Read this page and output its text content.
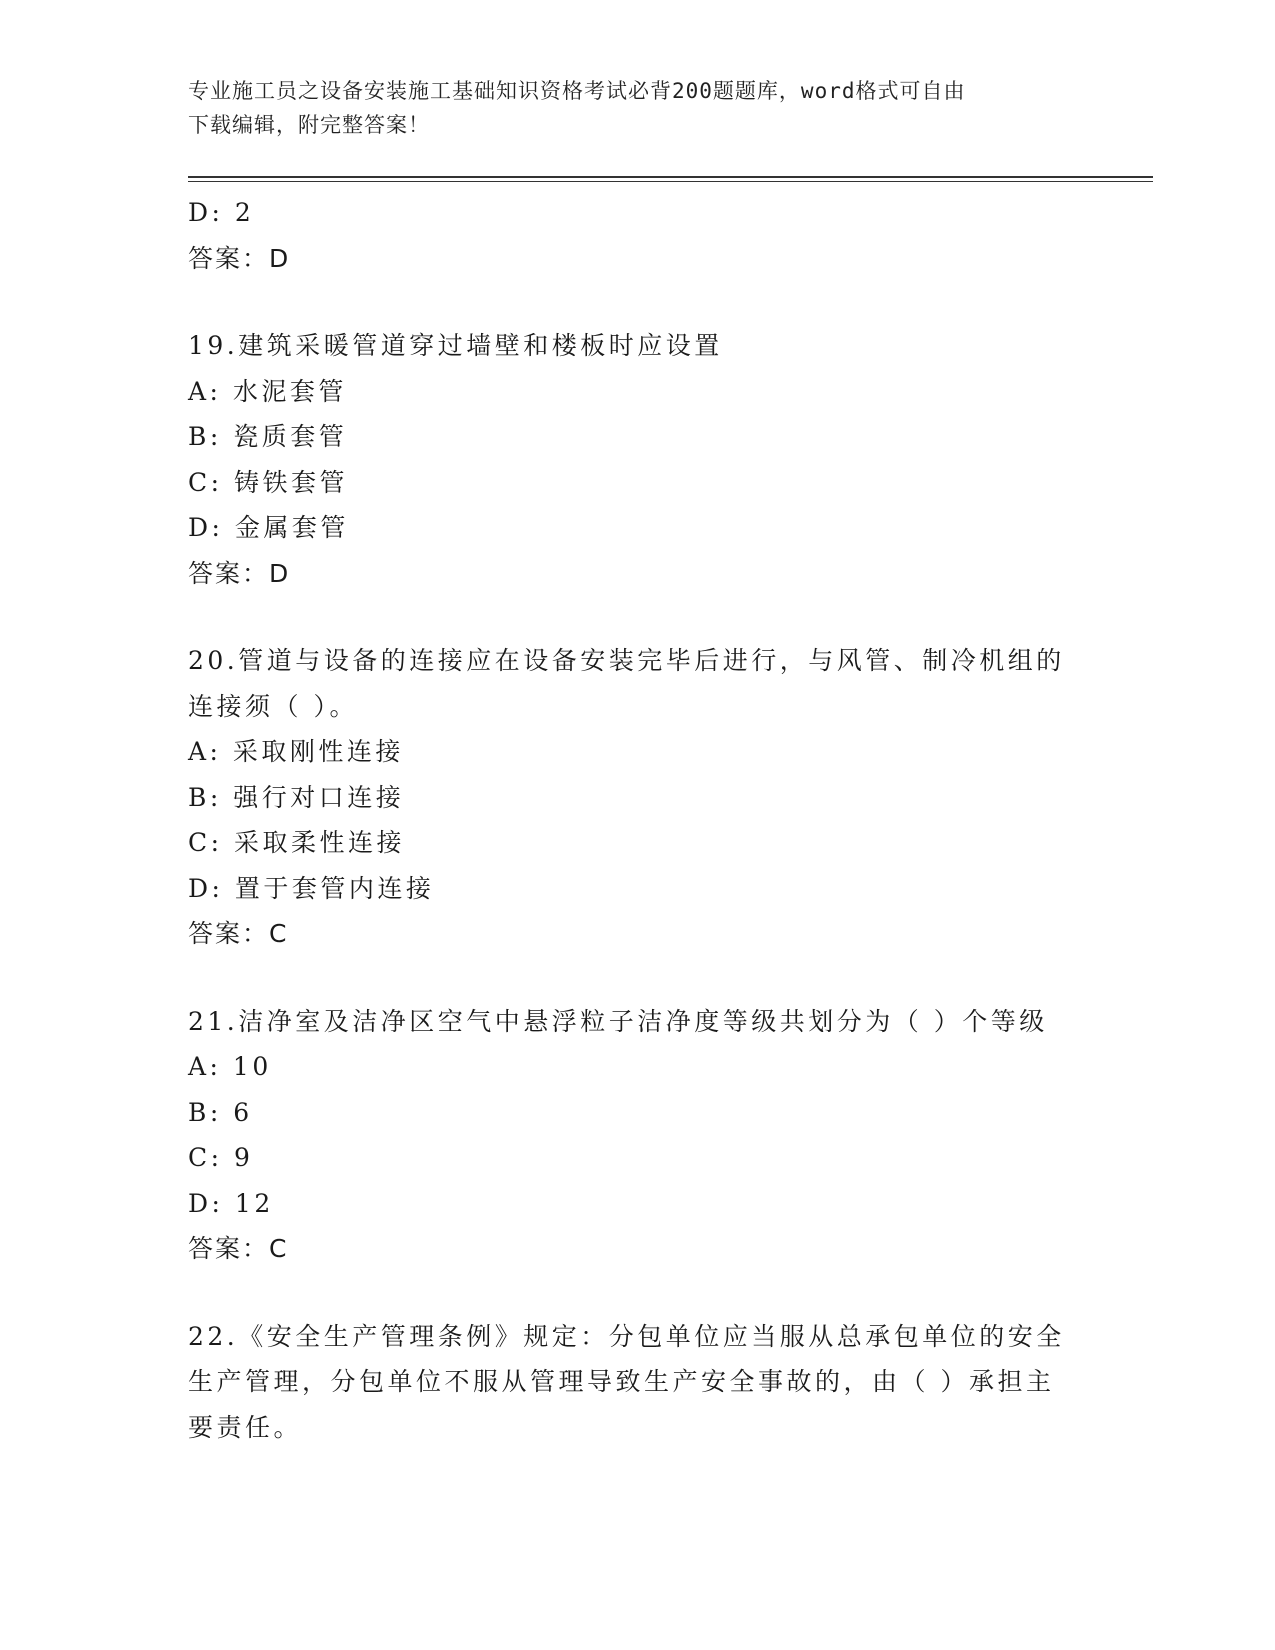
专业施工员之设备安装施工基础知识资格考试必背200题题库，word格式可自由
下载编辑，附完整答案！
D: 2
答案：D
19.建筑采暖管道穿过墙壁和楼板时应设置
A: 水泥套管
B: 瓷质套管
C: 铸铁套管
D: 金属套管
答案：D
20.管道与设备的连接应在设备安装完毕后进行，与风管、制冷机组的连接须（ ）。
A: 采取刚性连接
B: 强行对口连接
C: 采取柔性连接
D: 置于套管内连接
答案：C
21.洁净室及洁净区空气中悬浮粒子洁净度等级共划分为（ ）个等级
A: 10
B: 6
C: 9
D: 12
答案：C
22.《安全生产管理条例》规定：分包单位应当服从总承包单位的安全生产管理，分包单位不服从管理导致生产安全事故的，由（ ）承担主要责任。
